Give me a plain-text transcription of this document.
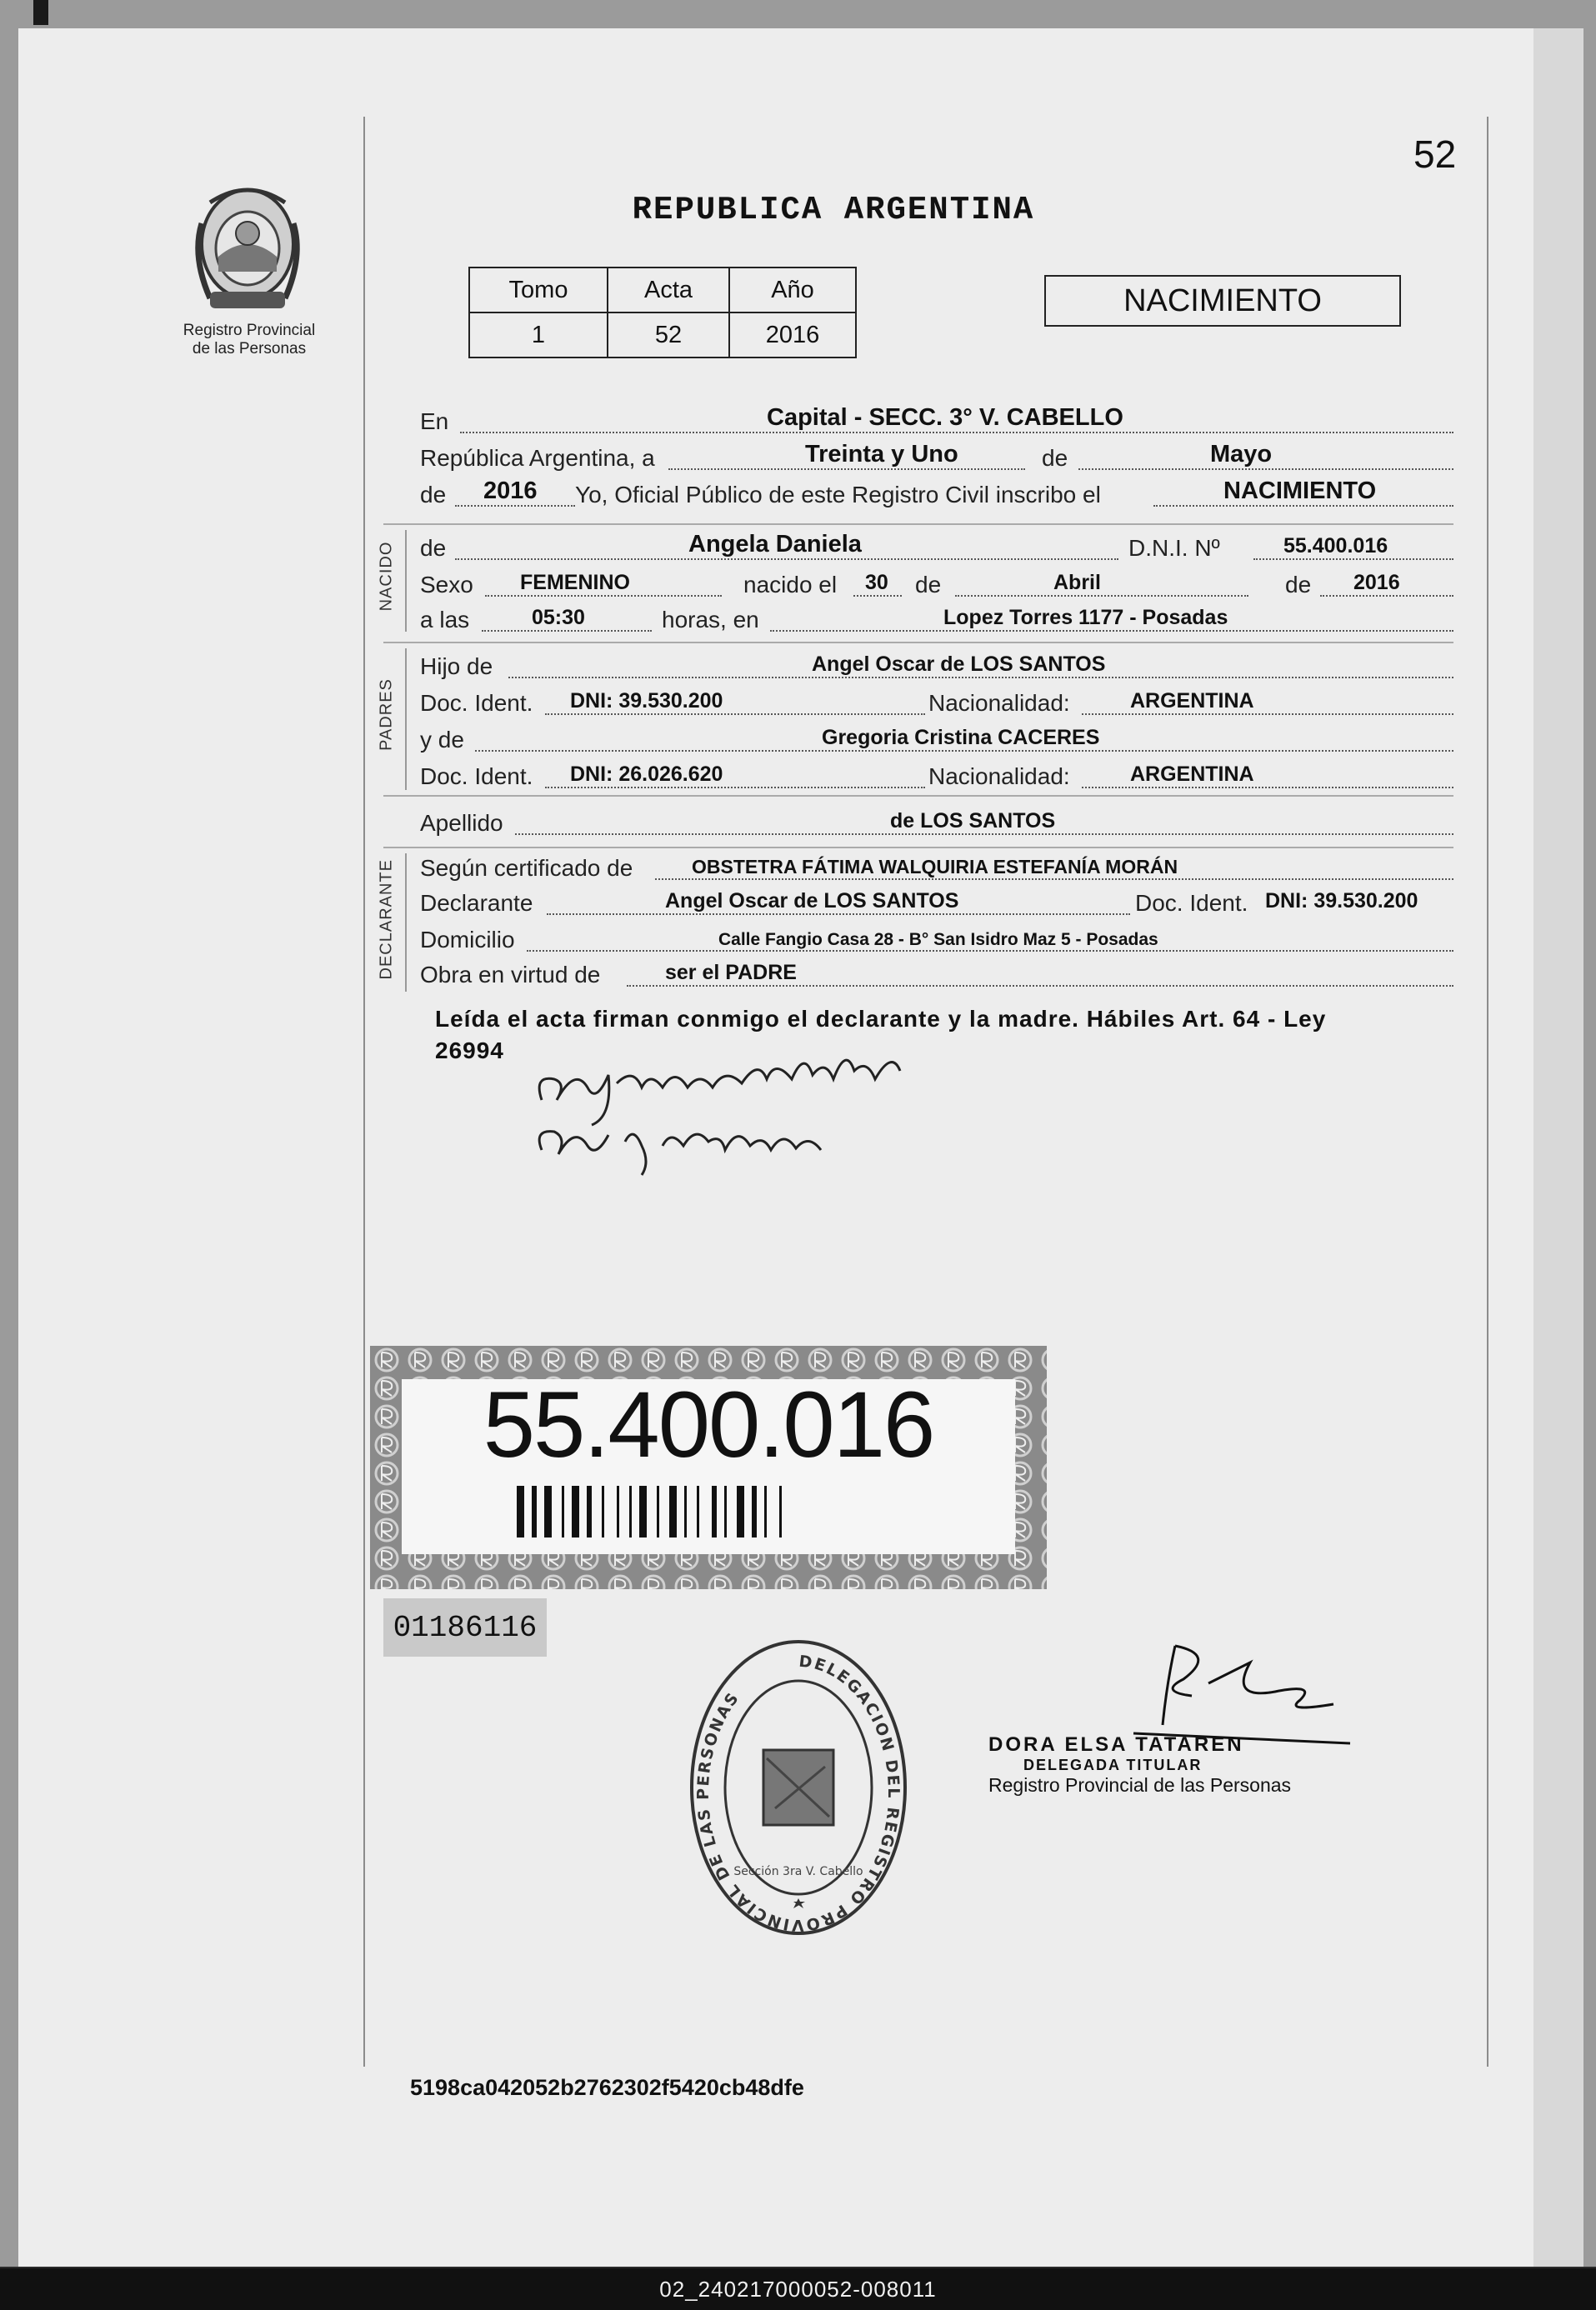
Registro Provincial
de las Personas
52
REPUBLICA ARGENTINA
Tomo	Acta	Año
1	52	2016
NACIMIENTO
En	Capital - SECC. 3° V. CABELLO
República Argentina, a	Treinta y Uno	de	Mayo
de 2016 Yo, Oficial Público de este Registro Civil inscribo el	NACIMIENTO
NACIDO de	Angela Daniela	D.N.I. Nº	55.400.016
Sexo FEMENINO	nacido el 30 de	Abril	de 2016
a las	05:30	horas, en	Lopez Torres 1177 - Posadas
PADRES
Hijo de	Angel Oscar de LOS SANTOS
Doc. Ident. DNI: 39.530.200	Nacionalidad:	ARGENTINA
y de	Gregoria Cristina CACERES
Doc. Ident. DNI: 26.026.620	Nacionalidad:	ARGENTINA
Apellido	de LOS SANTOS
DECLARANTE Según certificado de	OBSTETRA FÁTIMA WALQUIRIA ESTEFANÍA MORÁN
Declarante	Angel Oscar de LOS SANTOS	Doc. Ident. DNI: 39.530.200
Domicilio	Calle Fangio Casa 28 - B° San Isidro Maz 5 - Posadas
Obra en virtud de	ser el PADRE
Leída el acta firman conmigo el declarante y la madre. Hábiles Art. 64 - Ley
26994
55.400.016
01186116
DELEGACION DEL REGISTRO PROVINCIAL DE LAS PERSONAS
Sección 3ra V. Cabello
DORA ELSA TATAREN
DELEGADA TITULAR
Registro Provincial de las Personas
5198ca042052b2762302f5420cb48dfe
02_240217000052-008011
